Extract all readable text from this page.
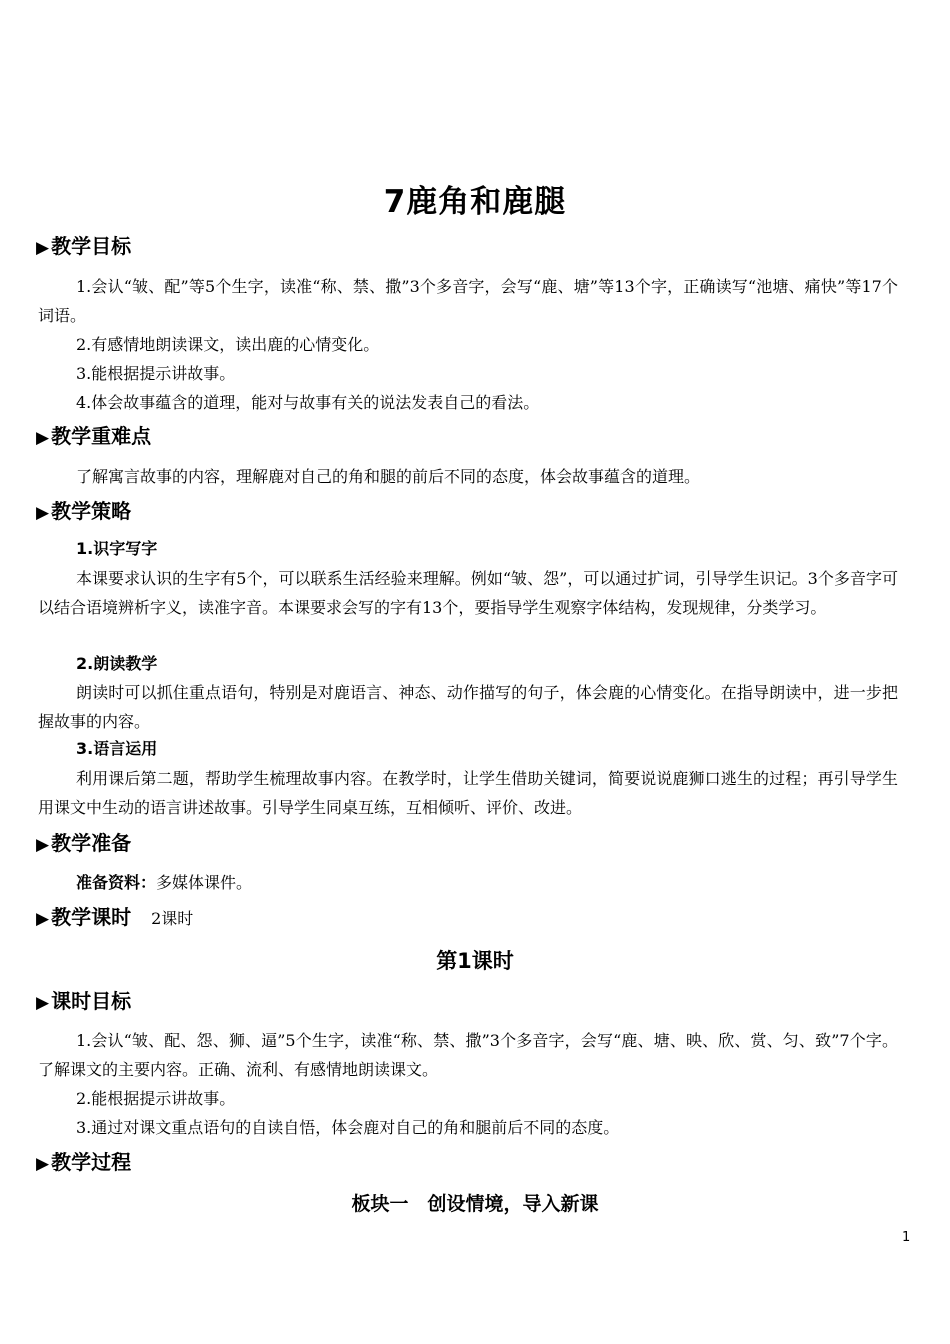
7鹿角和鹿腿
▶ 教学目标
1.会认“皱、配”等5个生字，读准“称、禁、撒”3个多音字，会写“鹿、塘”等13个字，正确读写“池塘、痛快”等17个词语。
2.有感情地朗读课文，读出鹿的心情变化。
3.能根据提示讲故事。
4.体会故事蕴含的道理，能对与故事有关的说法发表自己的看法。
▶ 教学重难点
了解寓言故事的内容，理解鹿对自己的角和腿的前后不同的态度，体会故事蕴含的道理。
▶ 教学策略
1.识字写字
本课要求认识的生字有5个，可以联系生活经验来理解。例如“皱、怨”，可以通过扩词，引导学生识记。3个多音字可以结合语境辨析字义，读准字音。本课要求会写的字有13个，要指导学生观察字体结构，发现规律，分类学习。
2.朗读教学
朗读时可以抓住重点语句，特别是对鹿语言、神态、动作描写的句子，体会鹿的心情变化。在指导朗读中，进一步把握故事的内容。
3.语言运用
利用课后第二题，帮助学生梳理故事内容。在教学时，让学生借助关键词，简要说说鹿狮口逃生的过程；再引导学生用课文中生动的语言讲述故事。引导学生同桌互练，互相倾听、评价、改进。
▶ 教学准备
准备资料：多媒体课件。
▶ 教学课时 2课时
第1课时
▶ 课时目标
1.会认“皱、配、怨、狮、逼”5个生字，读准“称、禁、撒”3个多音字，会写“鹿、塘、映、欣、赏、匀、致”7个字。了解课文的主要内容。正确、流利、有感情地朗读课文。
2.能根据提示讲故事。
3.通过对课文重点语句的自读自悟，体会鹿对自己的角和腿前后不同的态度。
▶ 教学过程
板块一　创设情境，导入新课
1
